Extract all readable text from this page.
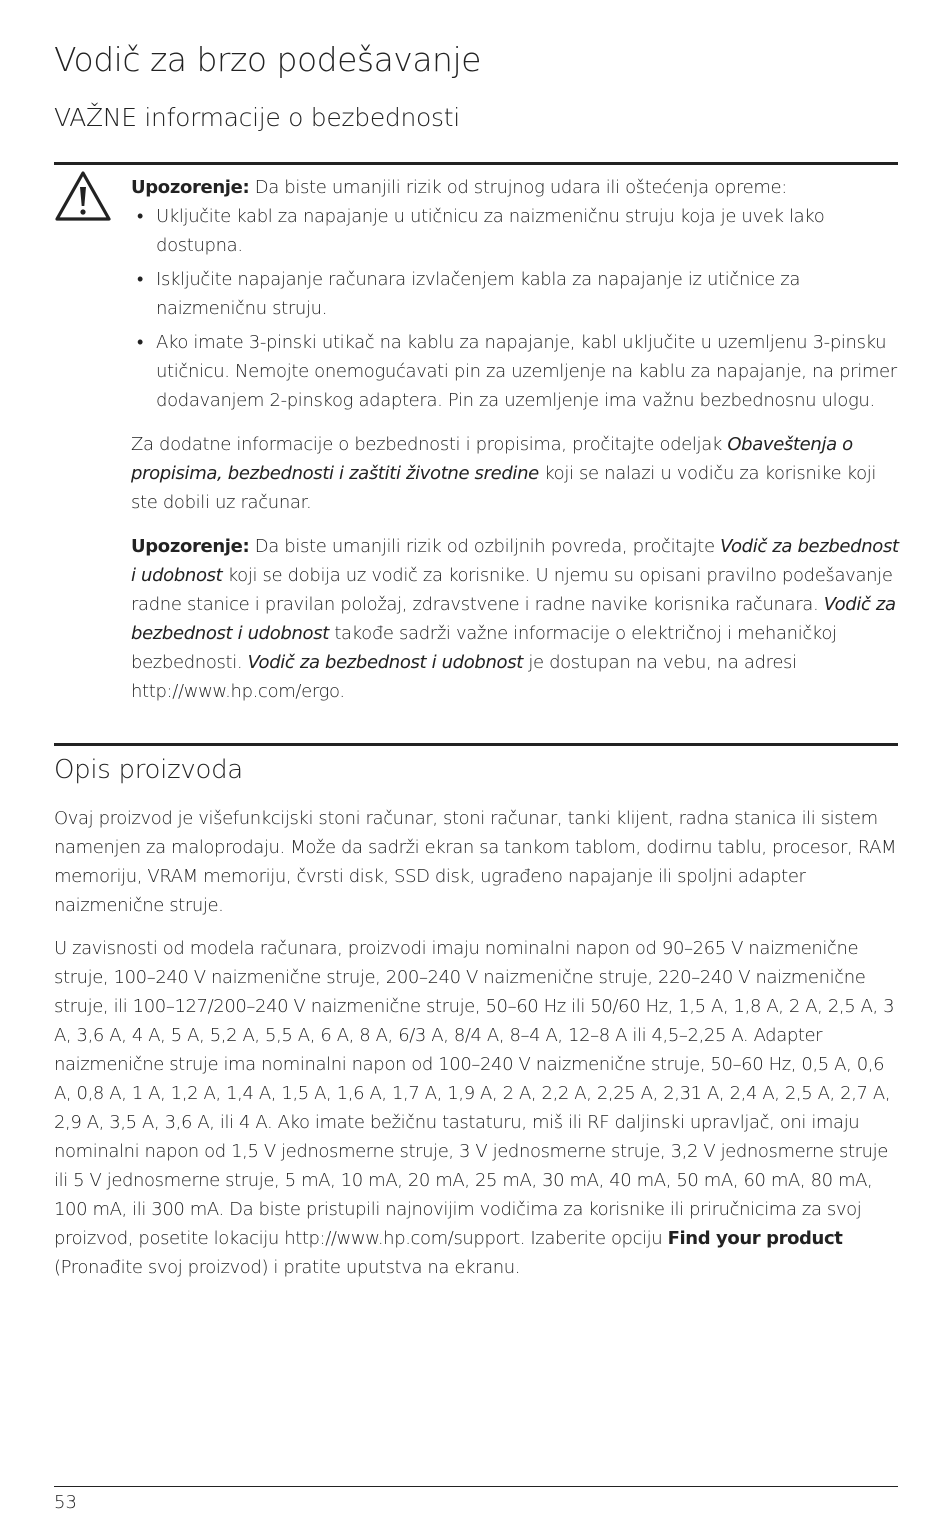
Vodič za brzo podešavanje
VAŽNE informacije o bezbednosti

Upozorenje: Da biste umanjili rizik od strujnog udara ili oštećenja opreme:

• Uključite kabl za napajanje u utičnicu za naizmeničnu struju koja je uvek lako dostupna.
• Isključite napajanje računara izvlačenjem kabla za napajanje iz utičnice za naizmeničnu struju.
• Ako imate 3-pinski utikač na kablu za napajanje, kabl uključite u uzemljenu 3-pinsku utičnicu. Nemojte onemogućavati pin za uzemljenje na kablu za napajanje, na primer dodavanjem 2-pinskog adaptera. Pin za uzemljenje ima važnu bezbednosnu ulogu.

Za dodatne informacije o bezbednosti i propisima, pročitajte odeljak Obaveštenja o propisima, bezbednosti i zaštiti životne sredine koji se nalazi u vodiču za korisnike koji ste dobili uz računar.

Upozorenje: Da biste umanjili rizik od ozbiljnih povreda, pročitajte Vodič za bezbednost i udobnost koji se dobija uz vodič za korisnike. U njemu su opisani pravilno podešavanje radne stanice i pravilan položaj, zdravstvene i radne navike korisnika računara. Vodič za bezbednost i udobnost takođe sadrži važne informacije o električnoj i mehaničkoj bezbednosti. Vodič za bezbednost i udobnost je dostupan na vebu, na adresi http://www.hp.com/ergo.

Opis proizvoda

Ovaj proizvod je višefunkcijski stoni računar, stoni računar, tanki klijent, radna stanica ili sistem namenjen za maloprodaju. Može da sadrži ekran sa tankom tablom, dodirnu tablu, procesor, RAM memoriju, VRAM memoriju, čvrsti disk, SSD disk, ugrađeno napajanje ili spoljni adapter naizmenične struje.

U zavisnosti od modela računara, proizvodi imaju nominalni napon od 90–265 V naizmenične struje, 100–240 V naizmenične struje, 200–240 V naizmenične struje, 220–240 V naizmenične struje, ili 100–127/200–240 V naizmenične struje, 50–60 Hz ili 50/60 Hz, 1,5 A, 1,8 A, 2 A, 2,5 A, 3 A, 3,6 A, 4 A, 5 A, 5,2 A, 5,5 A, 6 A, 8 A, 6/3 A, 8/4 A, 8–4 A, 12–8 A ili 4,5–2,25 A. Adapter naizmenične struje ima nominalni napon od 100–240 V naizmenične struje, 50–60 Hz, 0,5 A, 0,6 A, 0,8 A, 1 A, 1,2 A, 1,4 A, 1,5 A, 1,6 A, 1,7 A, 1,9 A, 2 A, 2,2 A, 2,25 A, 2,31 A, 2,4 A, 2,5 A, 2,7 A, 2,9 A, 3,5 A, 3,6 A, ili 4 A. Ako imate bežičnu tastaturu, miš ili RF daljinski upravljač, oni imaju nominalni napon od 1,5 V jednosmerne struje, 3 V jednosmerne struje, 3,2 V jednosmerne struje ili 5 V jednosmerne struje, 5 mA, 10 mA, 20 mA, 25 mA, 30 mA, 40 mA, 50 mA, 60 mA, 80 mA, 100 mA, ili 300 mA. Da biste pristupili najnovijim vodičima za korisnike ili priručnicima za svoj proizvod, posetite lokaciju http://www.hp.com/support. Izaberite opciju Find your product (Pronađite svoj proizvod) i pratite uputstva na ekranu.

53
